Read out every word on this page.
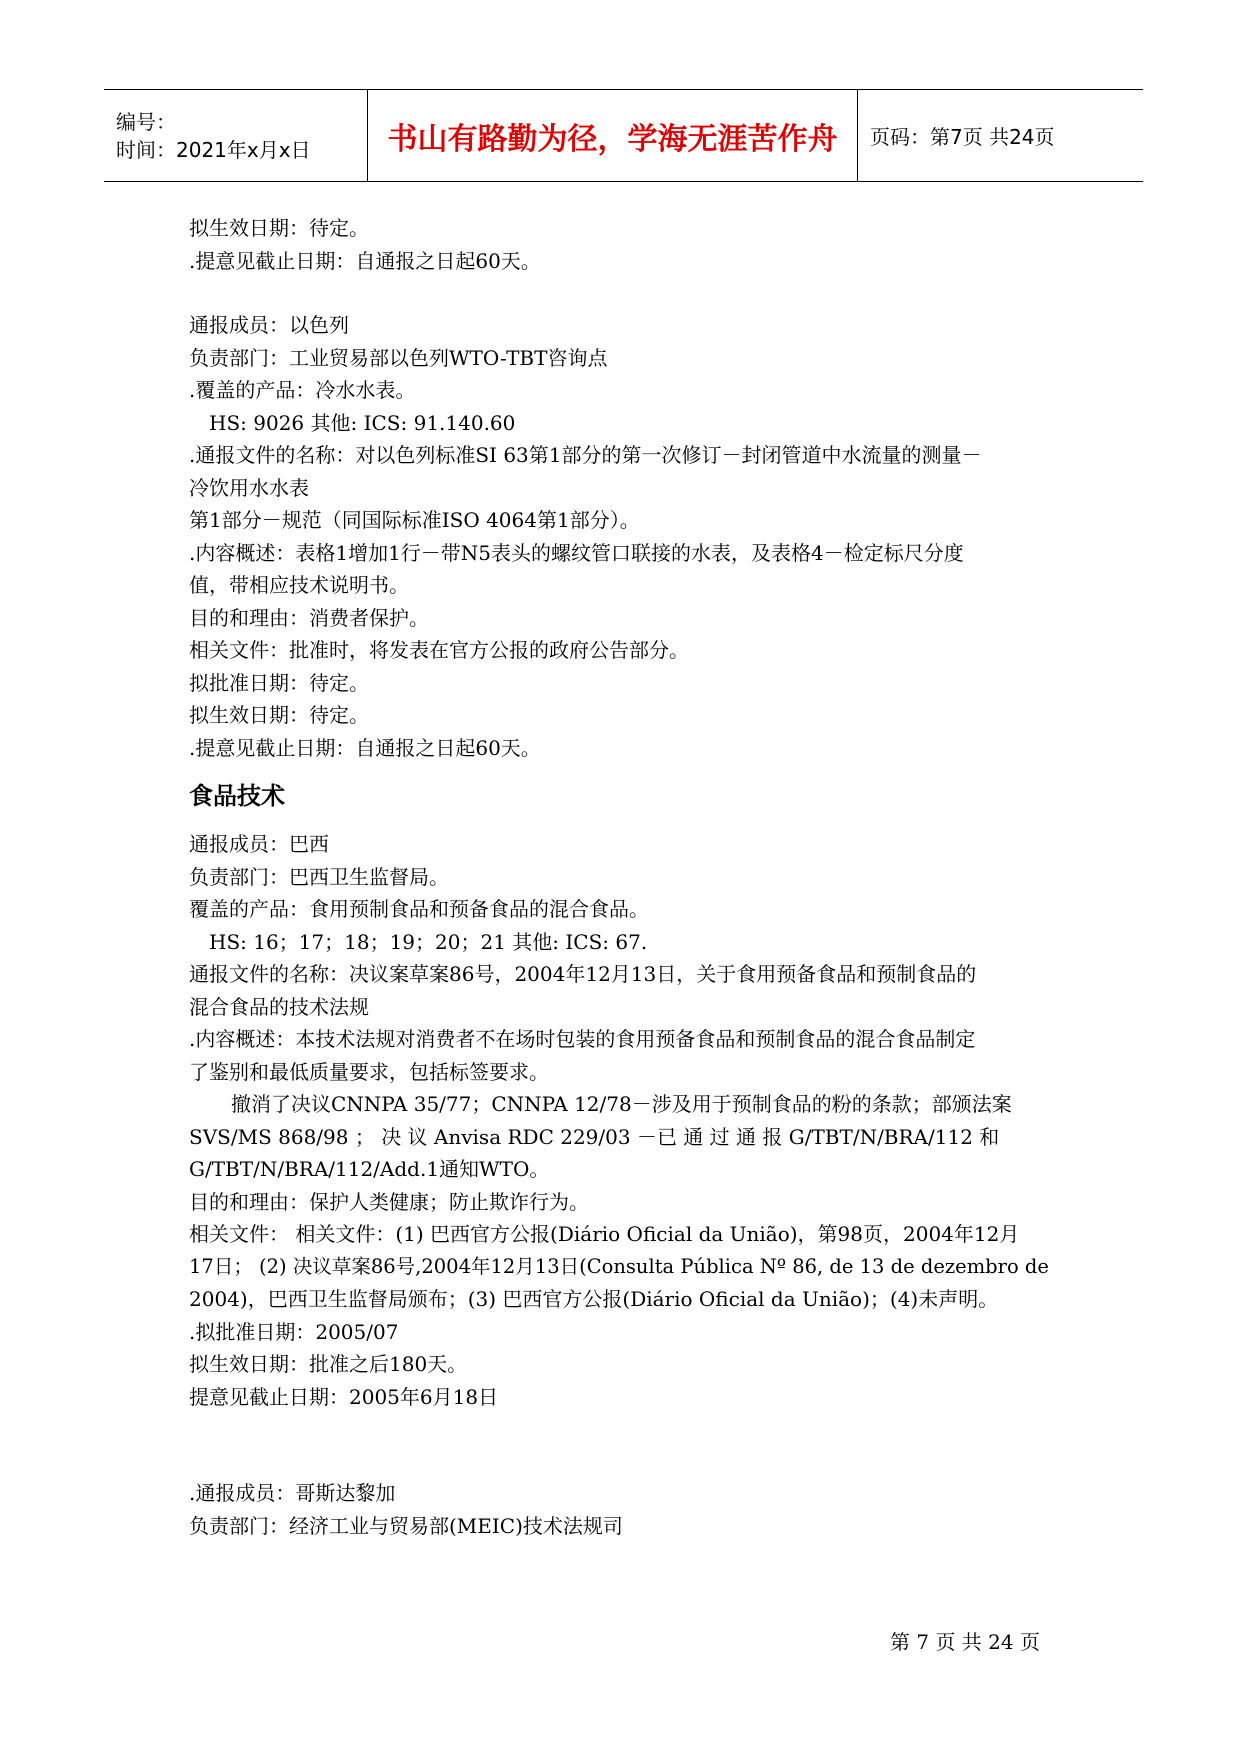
编号：
时间：2021年x月x日	书山有路勤为径，学海无涯苦作舟	页码：第7页 共24页

拟生效日期：待定。

.提意见截止日期：自通报之日起60天。

通报成员：以色列

负责部门：工业贸易部以色列WTO-TBT咨询点

.覆盖的产品：冷水水表。

HS: 9026 其他: ICS: 91.140.60

.通报文件的名称：对以色列标准SI 63第1部分的第一次修订－封闭管道中水流量的测量－

冷饮用水水表

第1部分－规范（同国际标准ISO 4064第1部分）。

.内容概述：表格1增加1行－带N5表头的螺纹管口联接的水表，及表格4－检定标尺分度

值，带相应技术说明书。

目的和理由：消费者保护。

相关文件：批准时，将发表在官方公报的政府公告部分。

拟批准日期：待定。

拟生效日期：待定。

.提意见截止日期：自通报之日起60天。

食品技术

通报成员：巴西

负责部门：巴西卫生监督局。

覆盖的产品：食用预制食品和预备食品的混合食品。

HS: 16；17；18；19；20；21 其他: ICS: 67.

通报文件的名称：决议案草案86号，2004年12月13日，关于食用预备食品和预制食品的

混合食品的技术法规

.内容概述：本技术法规对消费者不在场时包装的食用预备食品和预制食品的混合食品制定

了鉴别和最低质量要求，包括标签要求。

撤消了决议CNNPA 35/77；CNNPA 12/78－涉及用于预制食品的粉的条款；部颁法案

SVS/MS 868/98 ； 决 议 Anvisa RDC 229/03 －已 通 过 通 报 G/TBT/N/BRA/112 和

G/TBT/N/BRA/112/Add.1通知WTO。

目的和理由：保护人类健康；防止欺诈行为。

相关文件： 相关文件：(1) 巴西官方公报(Diário Oficial da União)，第98页，2004年12月

17日； (2) 决议草案86号,2004年12月13日(Consulta Pública Nº 86, de 13 de dezembro de

2004)，巴西卫生监督局颁布；(3) 巴西官方公报(Diário Oficial da União)；(4)未声明。

.拟批准日期：2005/07

拟生效日期：批准之后180天。

提意见截止日期：2005年6月18日

.通报成员：哥斯达黎加

负责部门：经济工业与贸易部(MEIC)技术法规司

第 7 页 共 24 页
